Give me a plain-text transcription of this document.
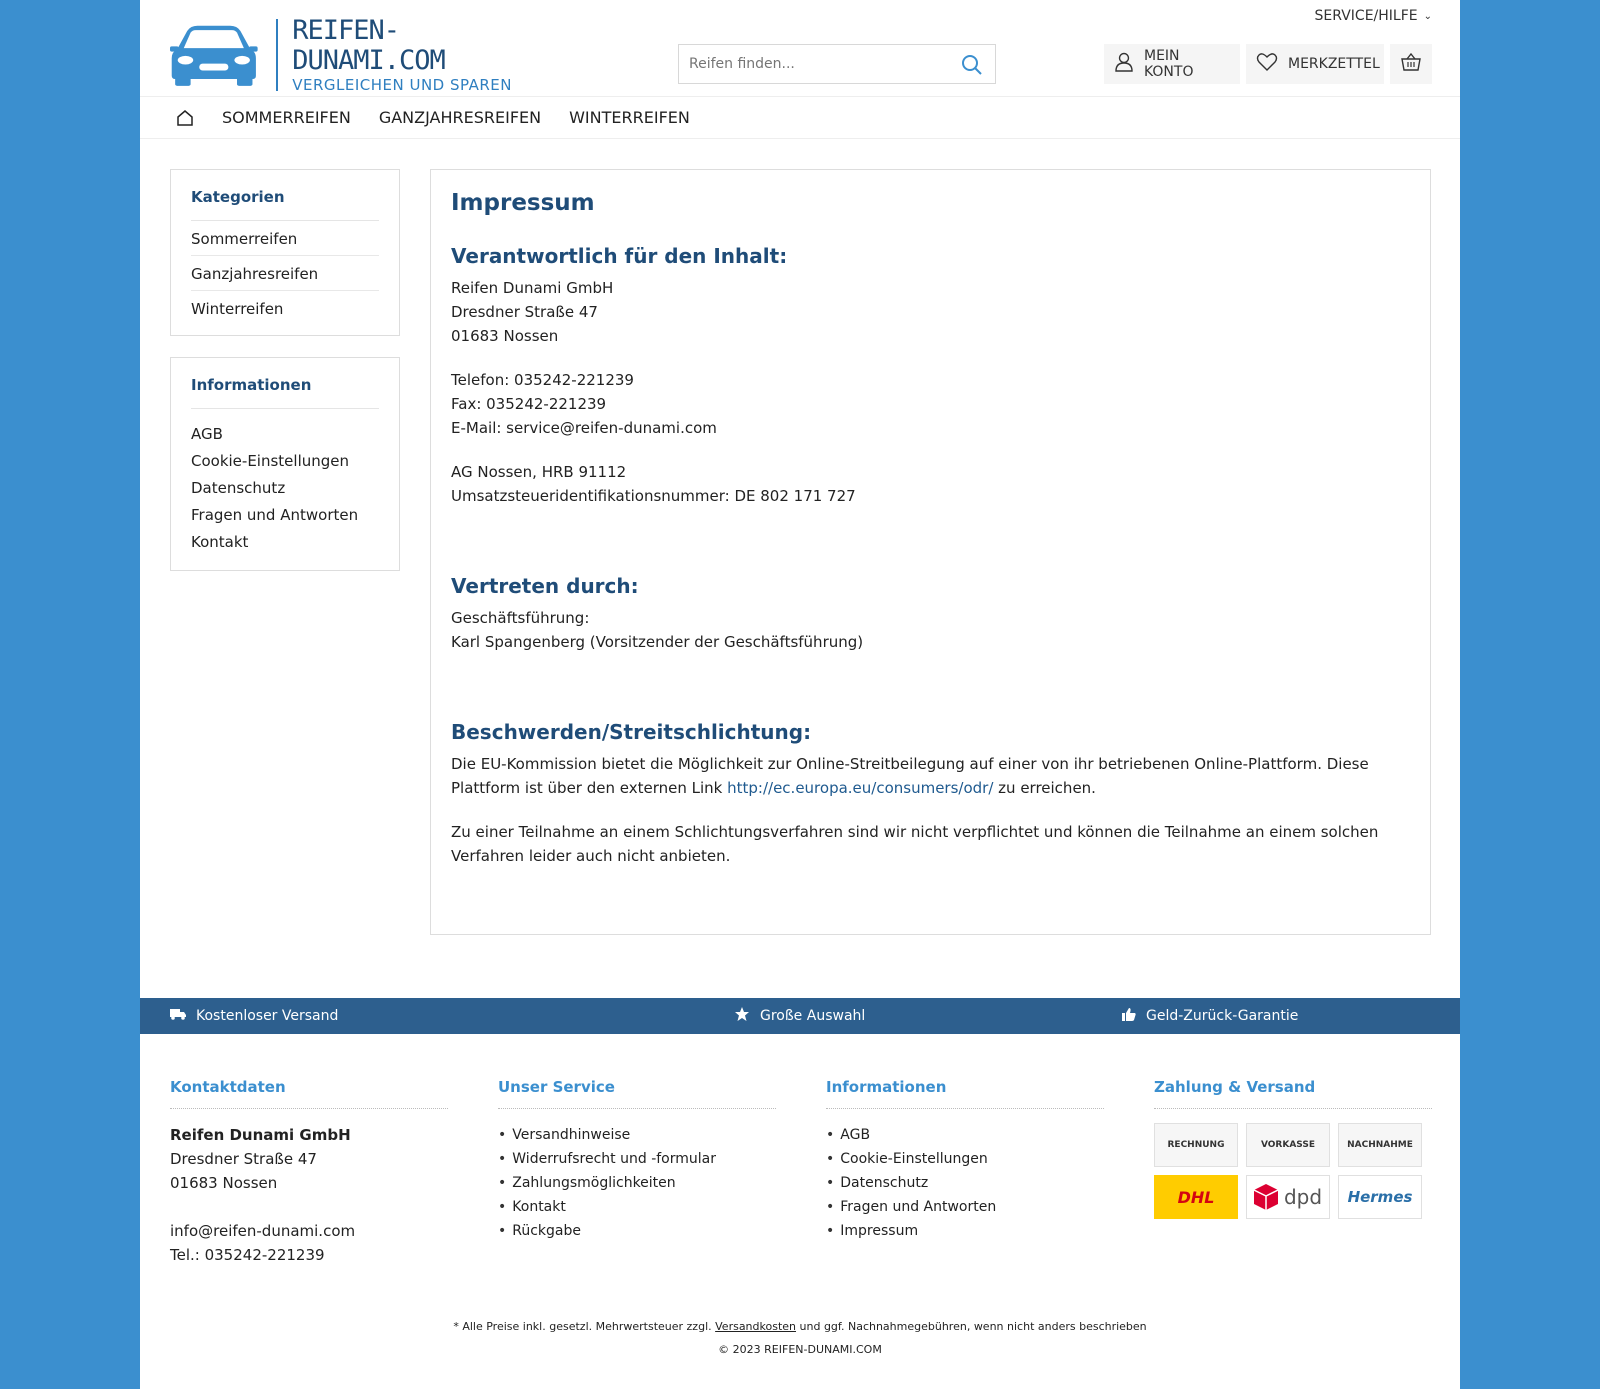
SERVICE/HILFE ⌄
REIFEN-DUNAMI.COM
VERGLEICHEN UND SPAREN
Reifen finden...
MEIN KONTO	MERKZETTEL
SOMMERREIFEN GANZJAHRESREIFEN WINTERREIFEN
Kategorien
Sommerreifen
Ganzjahresreifen
Winterreifen
Informationen
AGB
Cookie-Einstellungen
Datenschutz
Fragen und Antworten
Kontakt
Impressum
Verantwortlich für den Inhalt:

Reifen Dunami GmbH

Dresdner Straße 47

01683 Nossen

Telefon: 035242-221239

Fax: 035242-221239

E-Mail: service@reifen-dunami.com

AG Nossen, HRB 91112

Umsatzsteueridentifikationsnummer: DE 802 171 727

Vertreten durch:

Geschäftsführung:

Karl Spangenberg (Vorsitzender der Geschäftsführung)

Beschwerden/Streitschlichtung:

Die EU-Kommission bietet die Möglichkeit zur Online-Streitbeilegung auf einer von ihr betriebenen Online-Plattform. Diese Plattform ist über den externen Link http://ec.europa.eu/consumers/odr/ zu erreichen.

Zu einer Teilnahme an einem Schlichtungsverfahren sind wir nicht verpflichtet und können die Teilnahme an einem solchen Verfahren leider auch nicht anbieten.

Kostenloser Versand	Große Auswahl	Geld-Zurück-Garantie
Kontaktdaten

Reifen Dunami GmbH

Dresdner Straße 47

01683 Nossen

info@reifen-dunami.com

Tel.: 035242-221239

Unser Service
• Versandhinweise
• Widerrufsrecht und -formular
• Zahlungsmöglichkeiten
• Kontakt
• Rückgabe
Informationen
• AGB
• Cookie-Einstellungen
• Datenschutz
• Fragen und Antworten
• Impressum
Zahlung & Versand
RECHNUNG	VORKASSE	NACHNAHME
DHL	dpd	Hermes
* Alle Preise inkl. gesetzl. Mehrwertsteuer zzgl. Versandkosten und ggf. Nachnahmegebühren, wenn nicht anders beschrieben
© 2023 REIFEN-DUNAMI.COM
